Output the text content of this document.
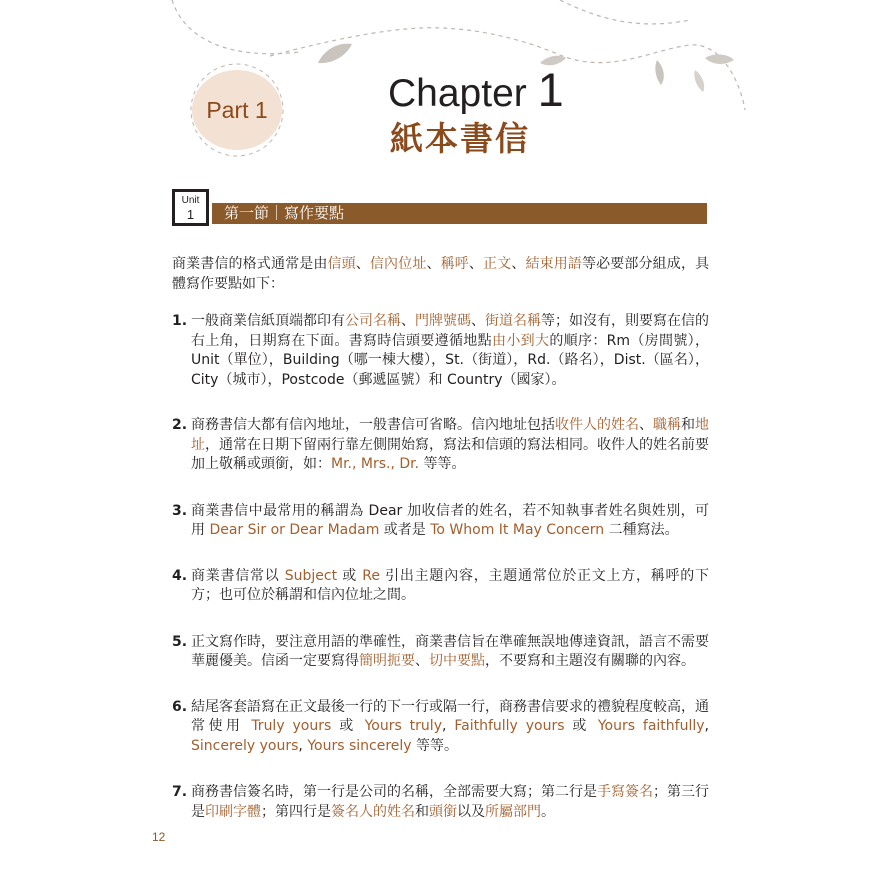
Part 1	Chapter 1
紙本書信
Unit
1	第一節｜寫作要點
商業書信的格式通常是由信頭、信內位址、稱呼、正文、結束用語等必要部分組成，具體寫作要點如下：
1. 一般商業信紙頂端都印有公司名稱、門牌號碼、街道名稱等；如沒有，則要寫在信的右上角，日期寫在下面。書寫時信頭要遵循地點由小到大的順序：Rm（房間號），Unit（單位），Building（哪一棟大樓），St.（街道），Rd.（路名），Dist.（區名），City（城市），Postcode（郵遞區號）和 Country（國家）。
2. 商務書信大都有信內地址，一般書信可省略。信內地址包括收件人的姓名、職稱和地址，通常在日期下留兩行靠左側開始寫，寫法和信頭的寫法相同。收件人的姓名前要加上敬稱或頭銜，如：Mr., Mrs., Dr. 等等。
3. 商業書信中最常用的稱謂為 Dear 加收信者的姓名，若不知執事者姓名與姓別，可用 Dear Sir or Dear Madam 或者是 To Whom It May Concern 二種寫法。
4. 商業書信常以 Subject 或 Re 引出主題內容，主題通常位於正文上方，稱呼的下方；也可位於稱謂和信內位址之間。
5. 正文寫作時，要注意用語的準確性，商業書信旨在準確無誤地傳達資訊，語言不需要華麗優美。信函一定要寫得簡明扼要、切中要點，不要寫和主題沒有關聯的內容。
6. 結尾客套語寫在正文最後一行的下一行或隔一行，商務書信要求的禮貌程度較高，通常使用 Truly yours 或 Yours truly, Faithfully yours 或 Yours faithfully, Sincerely yours, Yours sincerely 等等。
7. 商務書信簽名時，第一行是公司的名稱，全部需要大寫；第二行是手寫簽名；第三行是印刷字體；第四行是簽名人的姓名和頭銜以及所屬部門。
12
